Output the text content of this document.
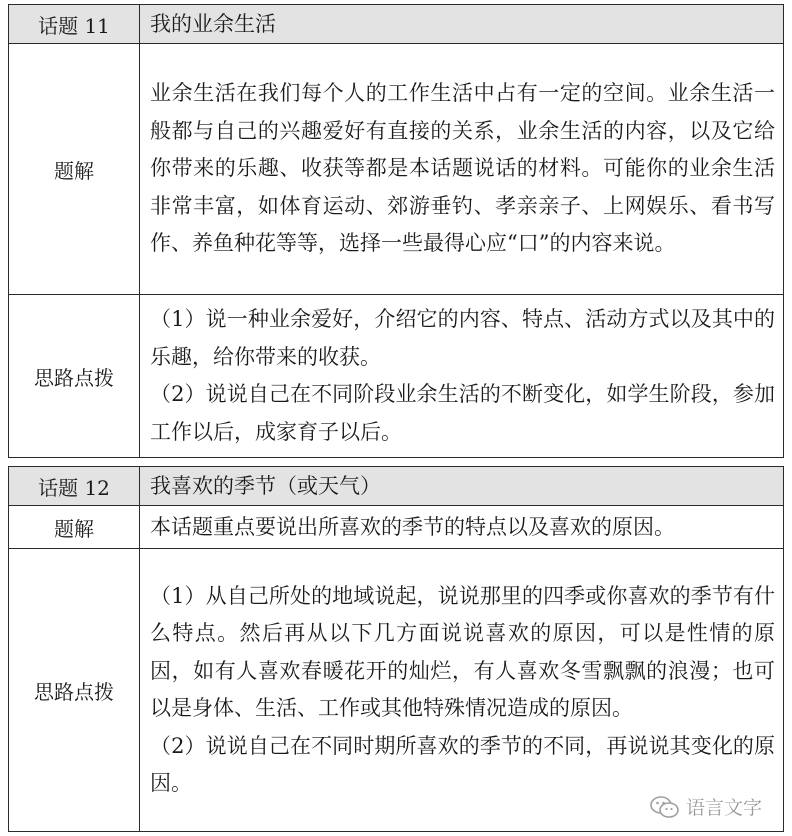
话题 11	我的业余生活
题解	业余生活在我们每个人的工作生活中占有一定的空间。业余生活一般都与自己的兴趣爱好有直接的关系，业余生活的内容，以及它给你带来的乐趣、收获等都是本话题说话的材料。可能你的业余生活非常丰富，如体育运动、郊游垂钓、孝亲亲子、上网娱乐、看书写作、养鱼种花等等，选择一些最得心应“口”的内容来说。

思路点拨	（1）说一种业余爱好，介绍它的内容、特点、活动方式以及其中的乐趣，给你带来的收获。
（2）说说自己在不同阶段业余生活的不断变化，如学生阶段，参加工作以后，成家育子以后。
话题 12	我喜欢的季节（或天气）
题解	本话题重点要说出所喜欢的季节的特点以及喜欢的原因。

思路点拨	（1）从自己所处的地域说起，说说那里的四季或你喜欢的季节有什么特点。然后再从以下几方面说说喜欢的原因，可以是性情的原因，如有人喜欢春暖花开的灿烂，有人喜欢冬雪飘飘的浪漫；也可以是身体、生活、工作或其他特殊情况造成的原因。
（2）说说自己在不同时期所喜欢的季节的不同，再说说其变化的原因。
语言文字
